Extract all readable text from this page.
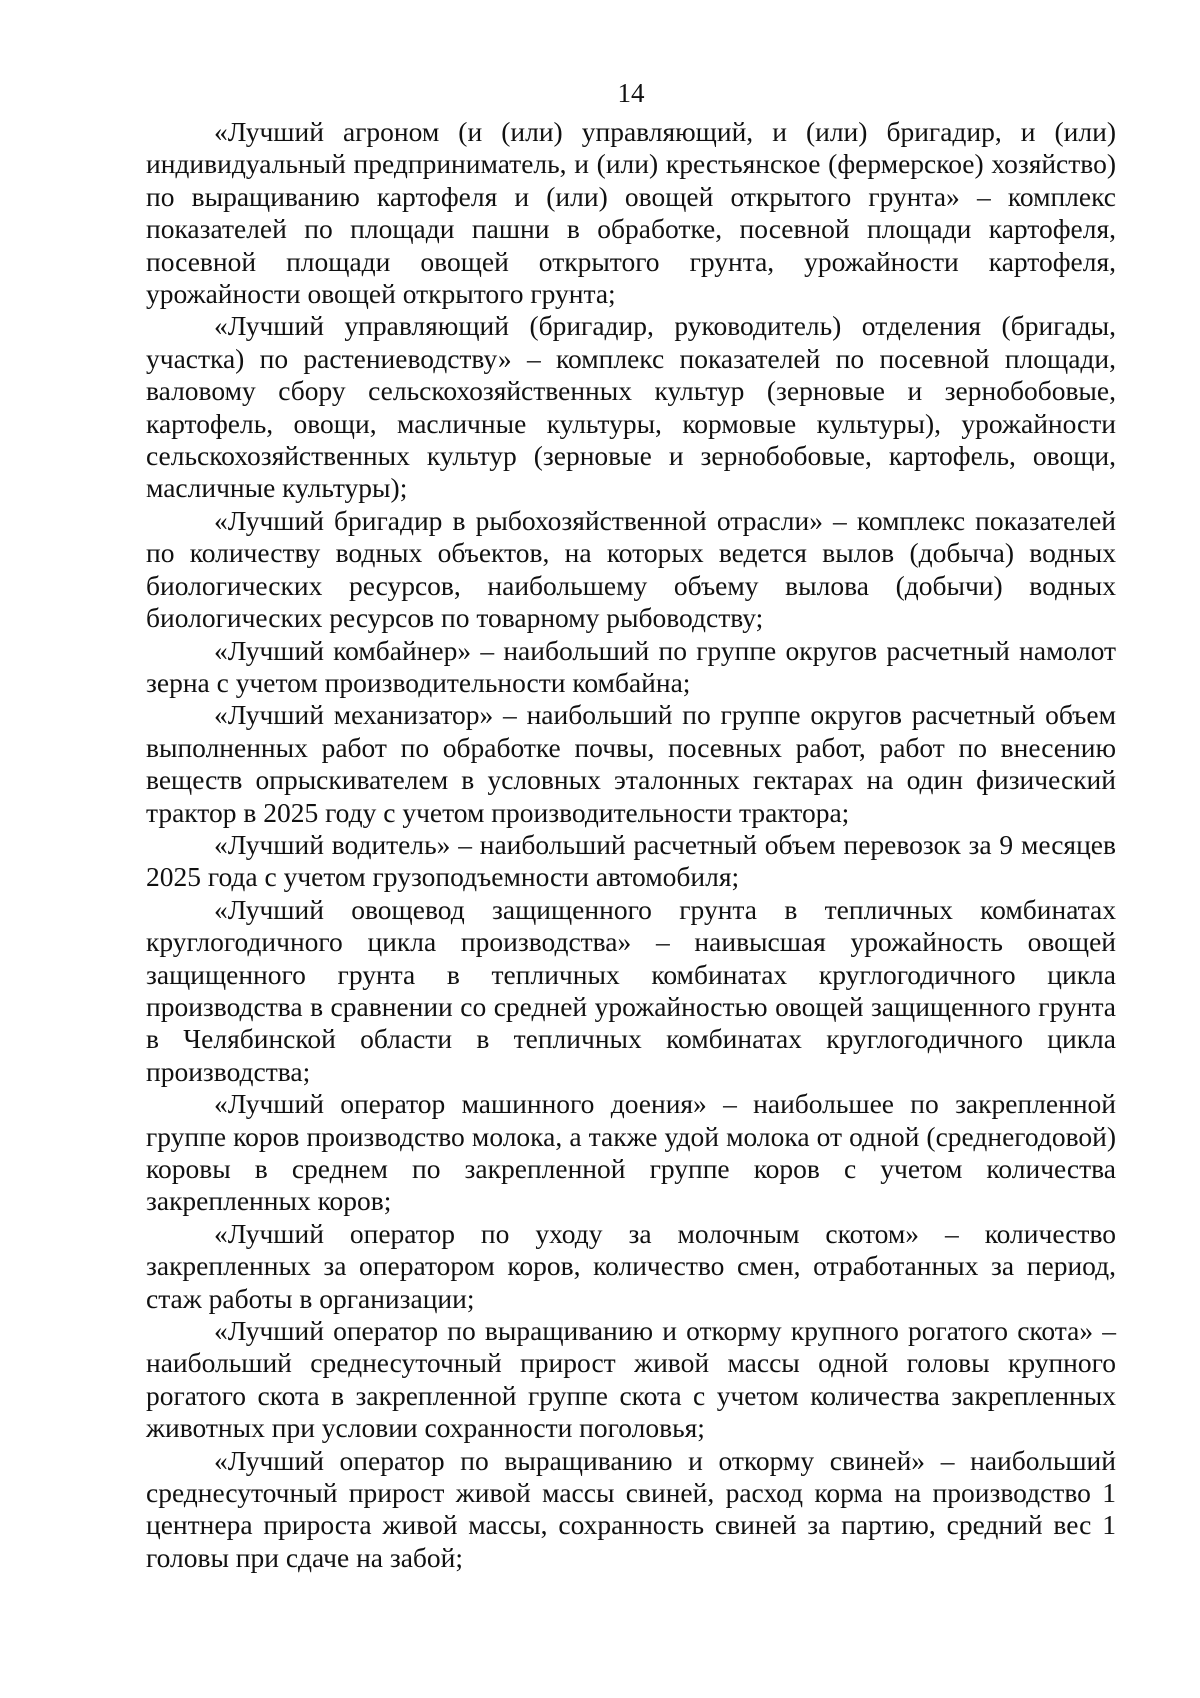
14

«Лучший агроном (и (или) управляющий, и (или) бригадир, и (или) индивидуальный предприниматель, и (или) крестьянское (фермерское) хозяйство) по выращиванию картофеля и (или) овощей открытого грунта» – комплекс показателей по площади пашни в обработке, посевной площади картофеля, посевной площади овощей открытого грунта, урожайности картофеля, урожайности овощей открытого грунта;

«Лучший управляющий (бригадир, руководитель) отделения (бригады, участка) по растениеводству» – комплекс показателей по посевной площади, валовому сбору сельскохозяйственных культур (зерновые и зернобобовые, картофель, овощи, масличные культуры, кормовые культуры), урожайности сельскохозяйственных культур (зерновые и зернобобовые, картофель, овощи, масличные культуры);

«Лучший бригадир в рыбохозяйственной отрасли» – комплекс показателей по количеству водных объектов, на которых ведется вылов (добыча) водных биологических ресурсов, наибольшему объему вылова (добычи) водных биологических ресурсов по товарному рыбоводству;

«Лучший комбайнер» – наибольший по группе округов расчетный намолот зерна с учетом производительности комбайна;

«Лучший механизатор» – наибольший по группе округов расчетный объем выполненных работ по обработке почвы, посевных работ, работ по внесению веществ опрыскивателем в условных эталонных гектарах на один физический трактор в 2025 году с учетом производительности трактора;

«Лучший водитель» – наибольший расчетный объем перевозок за 9 месяцев 2025 года с учетом грузоподъемности автомобиля;

«Лучший овощевод защищенного грунта в тепличных комбинатах круглогодичного цикла производства» – наивысшая урожайность овощей защищенного грунта в тепличных комбинатах круглогодичного цикла производства в сравнении со средней урожайностью овощей защищенного грунта в Челябинской области в тепличных комбинатах круглогодичного цикла производства;

«Лучший оператор машинного доения» – наибольшее по закрепленной группе коров производство молока, а также удой молока от одной (среднегодовой) коровы в среднем по закрепленной группе коров с учетом количества закрепленных коров;

«Лучший оператор по уходу за молочным скотом» – количество закрепленных за оператором коров, количество смен, отработанных за период, стаж работы в организации;

«Лучший оператор по выращиванию и откорму крупного рогатого скота» – наибольший среднесуточный прирост живой массы одной головы крупного рогатого скота в закрепленной группе скота с учетом количества закрепленных животных при условии сохранности поголовья;

«Лучший оператор по выращиванию и откорму свиней» – наибольший среднесуточный прирост живой массы свиней, расход корма на производство 1 центнера прироста живой массы, сохранность свиней за партию, средний вес 1 головы при сдаче на забой;
